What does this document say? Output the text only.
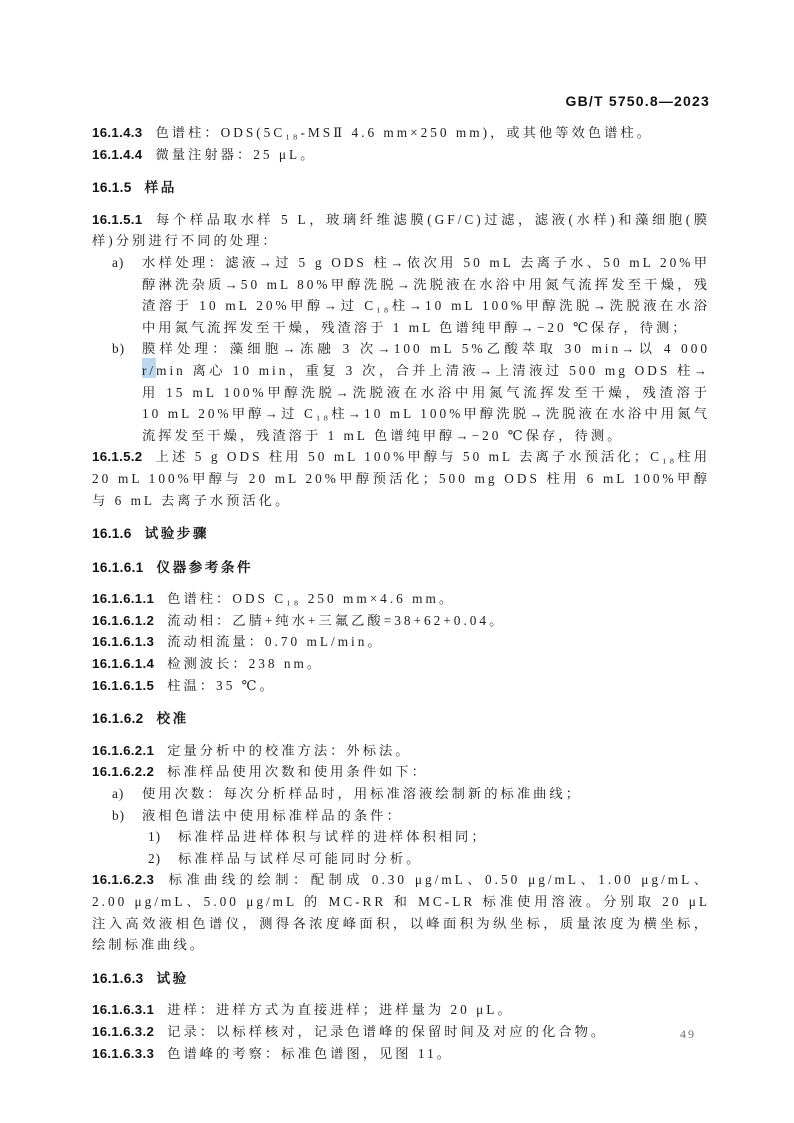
GB/T 5750.8—2023

16.1.4.3 色谱柱：ODS(5C₁₈-MSⅡ 4.6 mm×250 mm)，或其他等效色谱柱。

16.1.4.4 微量注射器：25 μL。

16.1.5 样品

16.1.5.1 每个样品取水样 5 L，玻璃纤维滤膜(GF/C)过滤，滤液(水样)和藻细胞(膜样)分别进行不同的处理：

a)	水样处理：滤液→过 5 g ODS 柱→依次用 50 mL 去离子水、50 mL 20%甲醇淋洗杂质→50 mL 80%甲醇洗脱→洗脱液在水浴中用氮气流挥发至干燥，残渣溶于 10 mL 20%甲醇→过 C₁₈柱→10 mL 100%甲醇洗脱→洗脱液在水浴中用氮气流挥发至干燥，残渣溶于 1 mL 色谱纯甲醇→−20 ℃保存，待测；
b)	膜样处理：藻细胞→冻融 3 次→100 mL 5%乙酸萃取 30 min→以 4 000 r/min 离心 10 min，重复 3 次，合并上清液→上清液过 500 mg ODS 柱→用 15 mL 100%甲醇洗脱→洗脱液在水浴中用氮气流挥发至干燥，残渣溶于 10 mL 20%甲醇→过 C₁₈柱→10 mL 100%甲醇洗脱→洗脱液在水浴中用氮气流挥发至干燥，残渣溶于 1 mL 色谱纯甲醇→−20 ℃保存，待测。

16.1.5.2 上述 5 g ODS 柱用 50 mL 100%甲醇与 50 mL 去离子水预活化；C₁₈柱用 20 mL 100%甲醇与 20 mL 20%甲醇预活化；500 mg ODS 柱用 6 mL 100%甲醇与 6 mL 去离子水预活化。

16.1.6 试验步骤

16.1.6.1 仪器参考条件

16.1.6.1.1 色谱柱：ODS C₁₈ 250 mm×4.6 mm。

16.1.6.1.2 流动相：乙腈+纯水+三氟乙酸=38+62+0.04。

16.1.6.1.3 流动相流量：0.70 mL/min。

16.1.6.1.4 检测波长：238 nm。

16.1.6.1.5 柱温：35 ℃。

16.1.6.2 校准

16.1.6.2.1 定量分析中的校准方法：外标法。

16.1.6.2.2 标准样品使用次数和使用条件如下：

a)	使用次数：每次分析样品时，用标准溶液绘制新的标准曲线；
b)	液相色谱法中使用标准样品的条件：
1)	标准样品进样体积与试样的进样体积相同；
2)	标准样品与试样尽可能同时分析。

16.1.6.2.3 标准曲线的绘制：配制成 0.30 μg/mL、0.50 μg/mL、1.00 μg/mL、2.00 μg/mL、5.00 μg/mL 的 MC-RR 和 MC-LR 标准使用溶液。分别取 20 μL 注入高效液相色谱仪，测得各浓度峰面积，以峰面积为纵坐标，质量浓度为横坐标，绘制标准曲线。

16.1.6.3 试验

16.1.6.3.1 进样：进样方式为直接进样；进样量为 20 μL。

16.1.6.3.2 记录：以标样核对，记录色谱峰的保留时间及对应的化合物。

16.1.6.3.3 色谱峰的考察：标准色谱图，见图 11。

49
